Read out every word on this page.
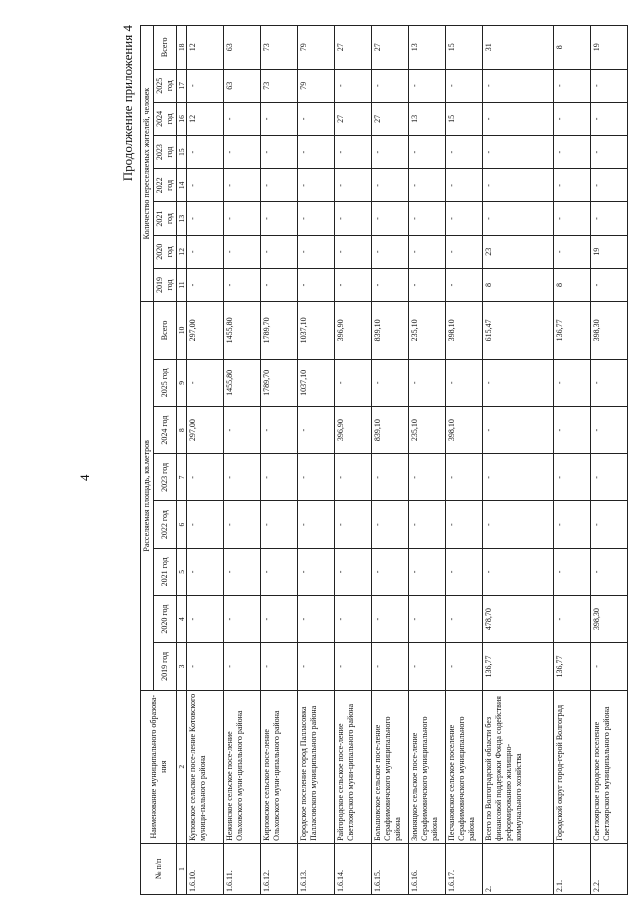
4
Продолжение приложения 4
№ п/п	Наименование муниципального образова-ния	Расселяемая площадь, кв.метров								Количество переселяемых жителей, человек							
		2019 год	2020 год	2021 год	2022 год	2023 год	2024 год	2025 год	Всего	2019 год	2020 год	2021 год	2022 год	2023 год	2024 год	2025 год	Всего
1	2	3	4	5	6	7	8	9	10	11	12	13	14	15	16	17	18
1.6.10.	Куповское сельское посе-ление Котовского муници-пального района	-	-	-	-	-	297,00	-	297,00	-	-	-	-	-	12	-	12
1.6.11.	Нежинское сельское посе-ление Ольховского муни-ципального района	-	-	-	-	-	-	1455,80	1455,80	-	-	-	-	-	-	63	63
1.6.12.	Кирповское сельское посе-ление Ольховского муни-ципального района	-	-	-	-	-	-	1789,70	1789,70	-	-	-	-	-	-	73	73
1.6.13.	Городское поселение город Палласовка Палласовского муниципального района	-	-	-	-	-	-	1037,10	1037,10	-	-	-	-	-	-	79	79
1.6.14.	Райгородское сельское посе-ление Светлоярского муни-ципального района	-	-	-	-	-	396,90	-	396,90	-	-	-	-	-	27	-	27
1.6.15.	Большовское сельское посе-ление Серафимовичского муниципального района	-	-	-	-	-	839,10	-	839,10	-	-	-	-	-	27	-	27
1.6.16.	Зимняцкое сельское посе-ление Серафимовичского муниципального района	-	-	-	-	-	235,10	-	235,10	-	-	-	-	-	13	-	13
1.6.17.	Песчановское сельское поселение Серафимовичского муниципального района	-	-	-	-	-	398,10	-	398,10	-	-	-	-	-	15	-	15
2.	Всего по Волгоградской области без финансовой поддержки Фонда содействия реформированию жилищно-коммунального хозяйства	136,77	478,70	-	-	-	-	-	615,47	8	23	-	-	-	-	-	31
2.1.	Городской округ город-герой Волгоград	136,77	-	-	-	-	-	-	136,77	8	-	-	-	-	-	-	8
2.2.	Светлоярское городское поселение Светлоярского муниципального района	-	398,30	-	-	-	-	-	398,30	-	19	-	-	-	-	-	19
